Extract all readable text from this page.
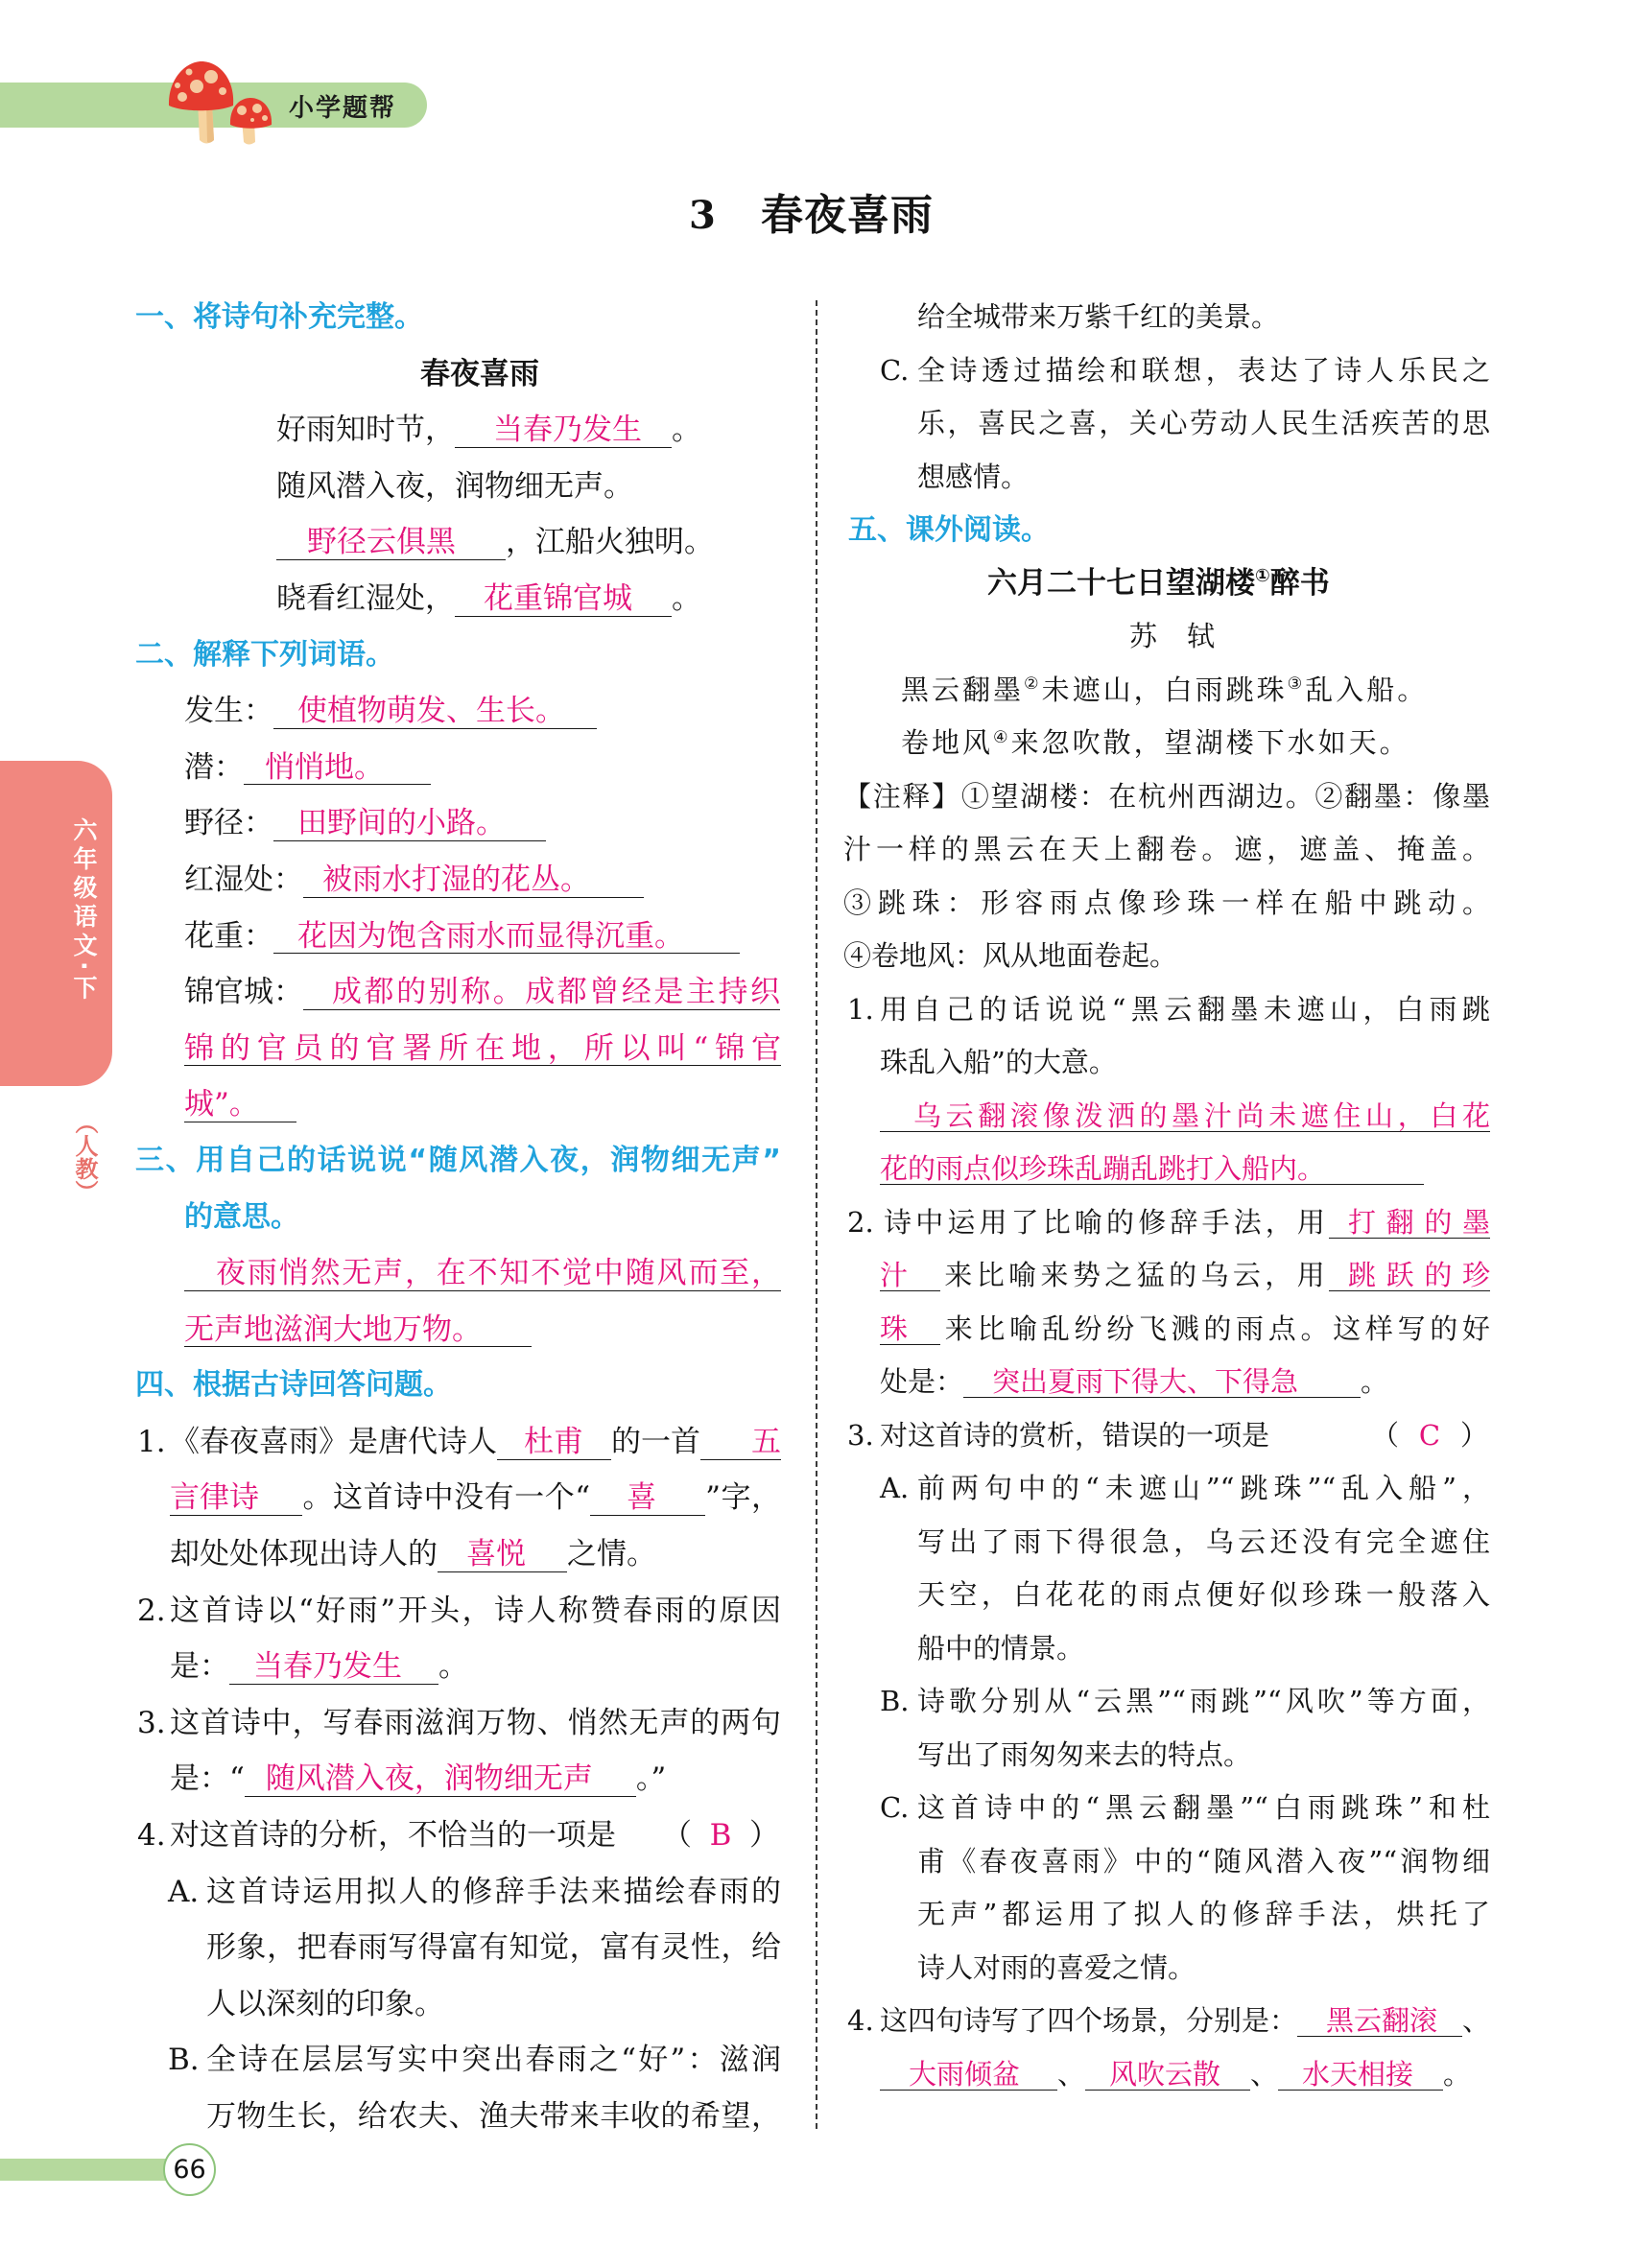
小学题帮
3 春夜喜雨
六年级语文·下
（人教）
一、将诗句补充完整。
春夜喜雨
好雨知时节， 当春乃发生 。
随风潜入夜，润物细无声。
野径云俱黑 ，江船火独明。
晓看红湿处， 花重锦官城 。
二、解释下列词语。
发生： 使植物萌发、生长。
潜： 悄悄地。
野径： 田野间的小路。
红湿处： 被雨水打湿的花丛。
花重： 花因为饱含雨水而显得沉重。
锦官城： 成都的别称。成都曾经是主持织
锦的官员的官署所在地，所以叫“锦官
城”。
三、用自己的话说说“随风潜入夜，润物细无声”
的意思。
夜雨悄然无声，在不知不觉中随风而至，
无声地滋润大地万物。
四、根据古诗回答问题。
1. 《春夜喜雨》是唐代诗人 杜甫 的一首 五
言律诗 。这首诗中没有一个“ 喜 ”字，
却处处体现出诗人的 喜悦 之情。
2. 这首诗以“好雨”开头，诗人称赞春雨的原因
是： 当春乃发生 。
3. 这首诗中，写春雨滋润万物、悄然无声的两句
是：“ 随风潜入夜，润物细无声 。”
4. 对这首诗的分析，不恰当的一项是 （ B ）
A. 这首诗运用拟人的修辞手法来描绘春雨的
形象，把春雨写得富有知觉，富有灵性，给
人以深刻的印象。
B. 全诗在层层写实中突出春雨之“好”：滋润
万物生长，给农夫、渔夫带来丰收的希望，
给全城带来万紫千红的美景。
C. 全诗透过描绘和联想，表达了诗人乐民之
乐，喜民之喜，关心劳动人民生活疾苦的思
想感情。
五、课外阅读。
六月二十七日望湖楼①醉书
苏　轼
黑云翻墨②未遮山，白雨跳珠③乱入船。
卷地风④来忽吹散，望湖楼下水如天。
【注释】①望湖楼：在杭州西湖边。②翻墨：像墨
汁一样的黑云在天上翻卷。遮，遮盖、掩盖。
③跳珠：形容雨点像珍珠一样在船中跳动。
④卷地风：风从地面卷起。
1. 用自己的话说说“黑云翻墨未遮山，白雨跳
珠乱入船”的大意。
乌云翻滚像泼洒的墨汁尚未遮住山，白花
花的雨点似珍珠乱蹦乱跳打入船内。
2. 诗中运用了比喻的修辞手法，用 打翻的墨
汁 来比喻来势之猛的乌云，用 跳跃的珍
珠 来比喻乱纷纷飞溅的雨点。这样写的好
处是： 突出夏雨下得大、下得急 。
3. 对这首诗的赏析，错误的一项是	（ C ）
A. 前两句中的“未遮山”“跳珠”“乱入船”，
写出了雨下得很急，乌云还没有完全遮住
天空，白花花的雨点便好似珍珠一般落入
船中的情景。
B. 诗歌分别从“云黑”“雨跳”“风吹”等方面，
写出了雨匆匆来去的特点。
C. 这首诗中的“黑云翻墨”“白雨跳珠”和杜
甫《春夜喜雨》中的“随风潜入夜”“润物细
无声”都运用了拟人的修辞手法，烘托了
诗人对雨的喜爱之情。
4. 这四句诗写了四个场景，分别是： 黑云翻滚 、
大雨倾盆 、 风吹云散 、 水天相接 。
66
